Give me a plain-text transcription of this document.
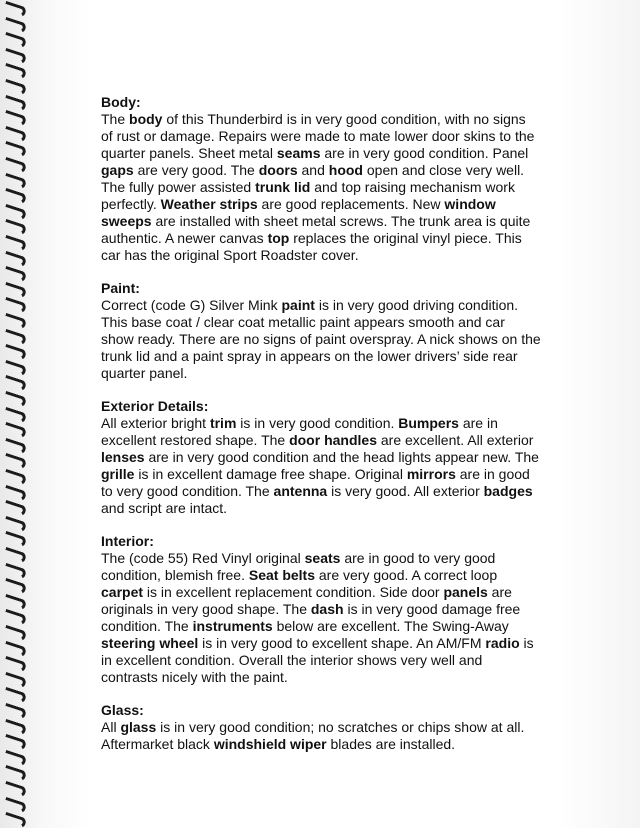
Body:

The body of this Thunderbird is in very good condition, with no signs of rust or damage. Repairs were made to mate lower door skins to the quarter panels. Sheet metal seams are in very good condition. Panel gaps are very good. The doors and hood open and close very well. The fully power assisted trunk lid and top raising mechanism work perfectly. Weather strips are good replacements. New window sweeps are installed with sheet metal screws. The trunk area is quite authentic. A newer canvas top replaces the original vinyl piece. This car has the original Sport Roadster cover.

Paint:

Correct (code G) Silver Mink paint is in very good driving condition. This base coat / clear coat metallic paint appears smooth and car show ready. There are no signs of paint overspray. A nick shows on the trunk lid and a paint spray in appears on the lower drivers’ side rear quarter panel.

Exterior Details:

All exterior bright trim is in very good condition. Bumpers are in excellent restored shape. The door handles are excellent. All exterior lenses are in very good condition and the head lights appear new. The grille is in excellent damage free shape. Original mirrors are in good to very good condition. The antenna is very good. All exterior badges and script are intact.

Interior:

The (code 55) Red Vinyl original seats are in good to very good condition, blemish free. Seat belts are very good. A correct loop carpet is in excellent replacement condition. Side door panels are originals in very good shape. The dash is in very good damage free condition. The instruments below are excellent. The Swing-Away steering wheel is in very good to excellent shape. An AM/FM radio is in excellent condition. Overall the interior shows very well and contrasts nicely with the paint.

Glass:

All glass is in very good condition; no scratches or chips show at all. Aftermarket black windshield wiper blades are installed.
